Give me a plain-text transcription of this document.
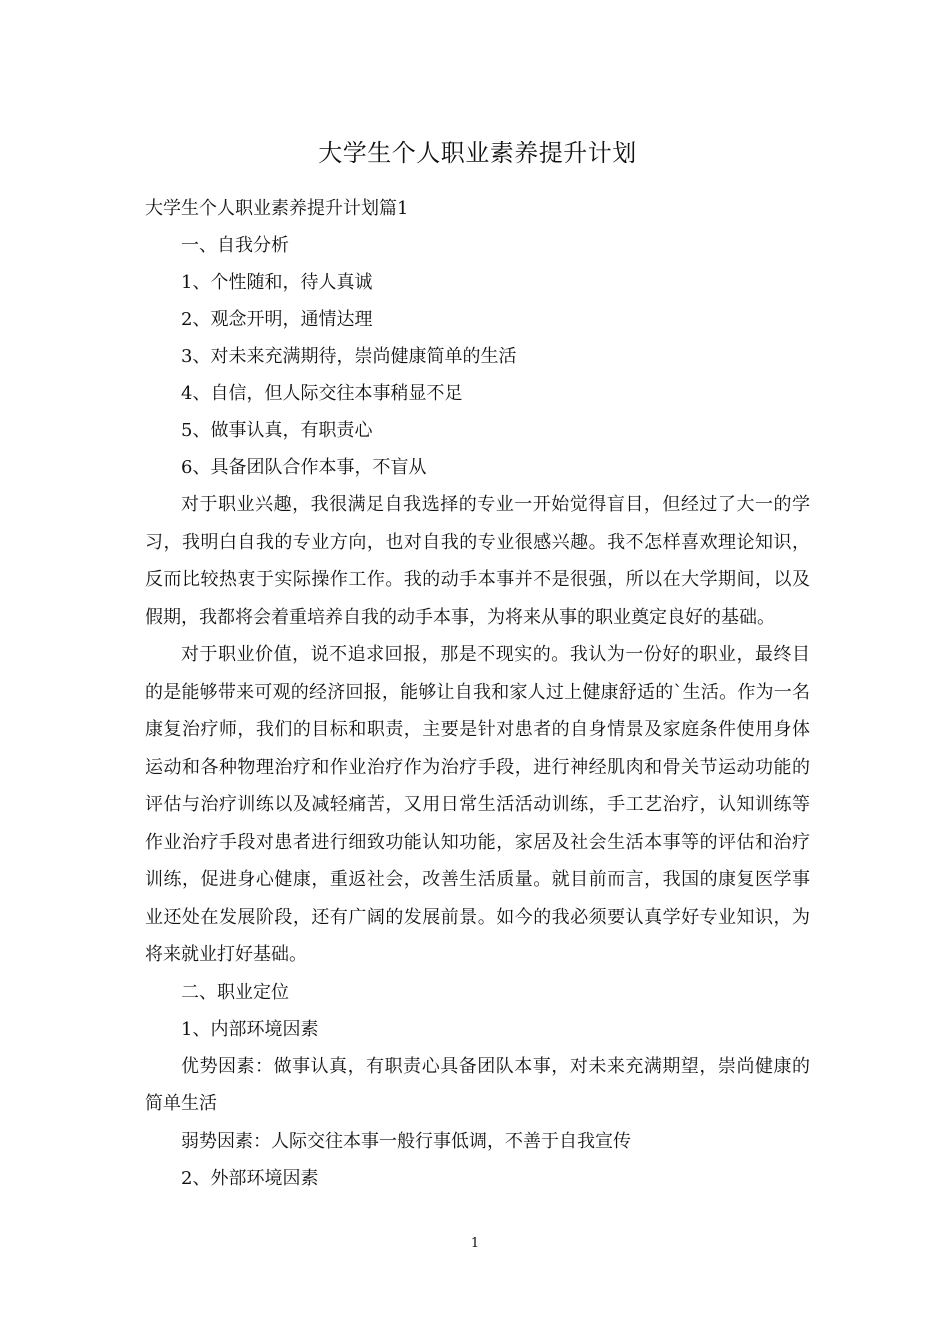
大学生个人职业素养提升计划

大学生个人职业素养提升计划篇1

一、自我分析

1、个性随和，待人真诚

2、观念开明，通情达理

3、对未来充满期待，崇尚健康简单的生活

4、自信，但人际交往本事稍显不足

5、做事认真，有职责心

6、具备团队合作本事，不盲从

对于职业兴趣，我很满足自我选择的专业一开始觉得盲目，但经过了大一的学习，我明白自我的专业方向，也对自我的专业很感兴趣。我不怎样喜欢理论知识，反而比较热衷于实际操作工作。我的动手本事并不是很强，所以在大学期间，以及假期，我都将会着重培养自我的动手本事，为将来从事的职业奠定良好的基础。

对于职业价值，说不追求回报，那是不现实的。我认为一份好的职业，最终目的是能够带来可观的经济回报，能够让自我和家人过上健康舒适的`生活。作为一名康复治疗师，我们的目标和职责，主要是针对患者的自身情景及家庭条件使用身体运动和各种物理治疗和作业治疗作为治疗手段，进行神经肌肉和骨关节运动功能的评估与治疗训练以及减轻痛苦，又用日常生活活动训练，手工艺治疗，认知训练等作业治疗手段对患者进行细致功能认知功能，家居及社会生活本事等的评估和治疗训练，促进身心健康，重返社会，改善生活质量。就目前而言，我国的康复医学事业还处在发展阶段，还有广阔的发展前景。如今的我必须要认真学好专业知识，为将来就业打好基础。

二、职业定位

1、内部环境因素

优势因素：做事认真，有职责心具备团队本事，对未来充满期望，崇尚健康的简单生活

弱势因素：人际交往本事一般行事低调，不善于自我宣传

2、外部环境因素

1
